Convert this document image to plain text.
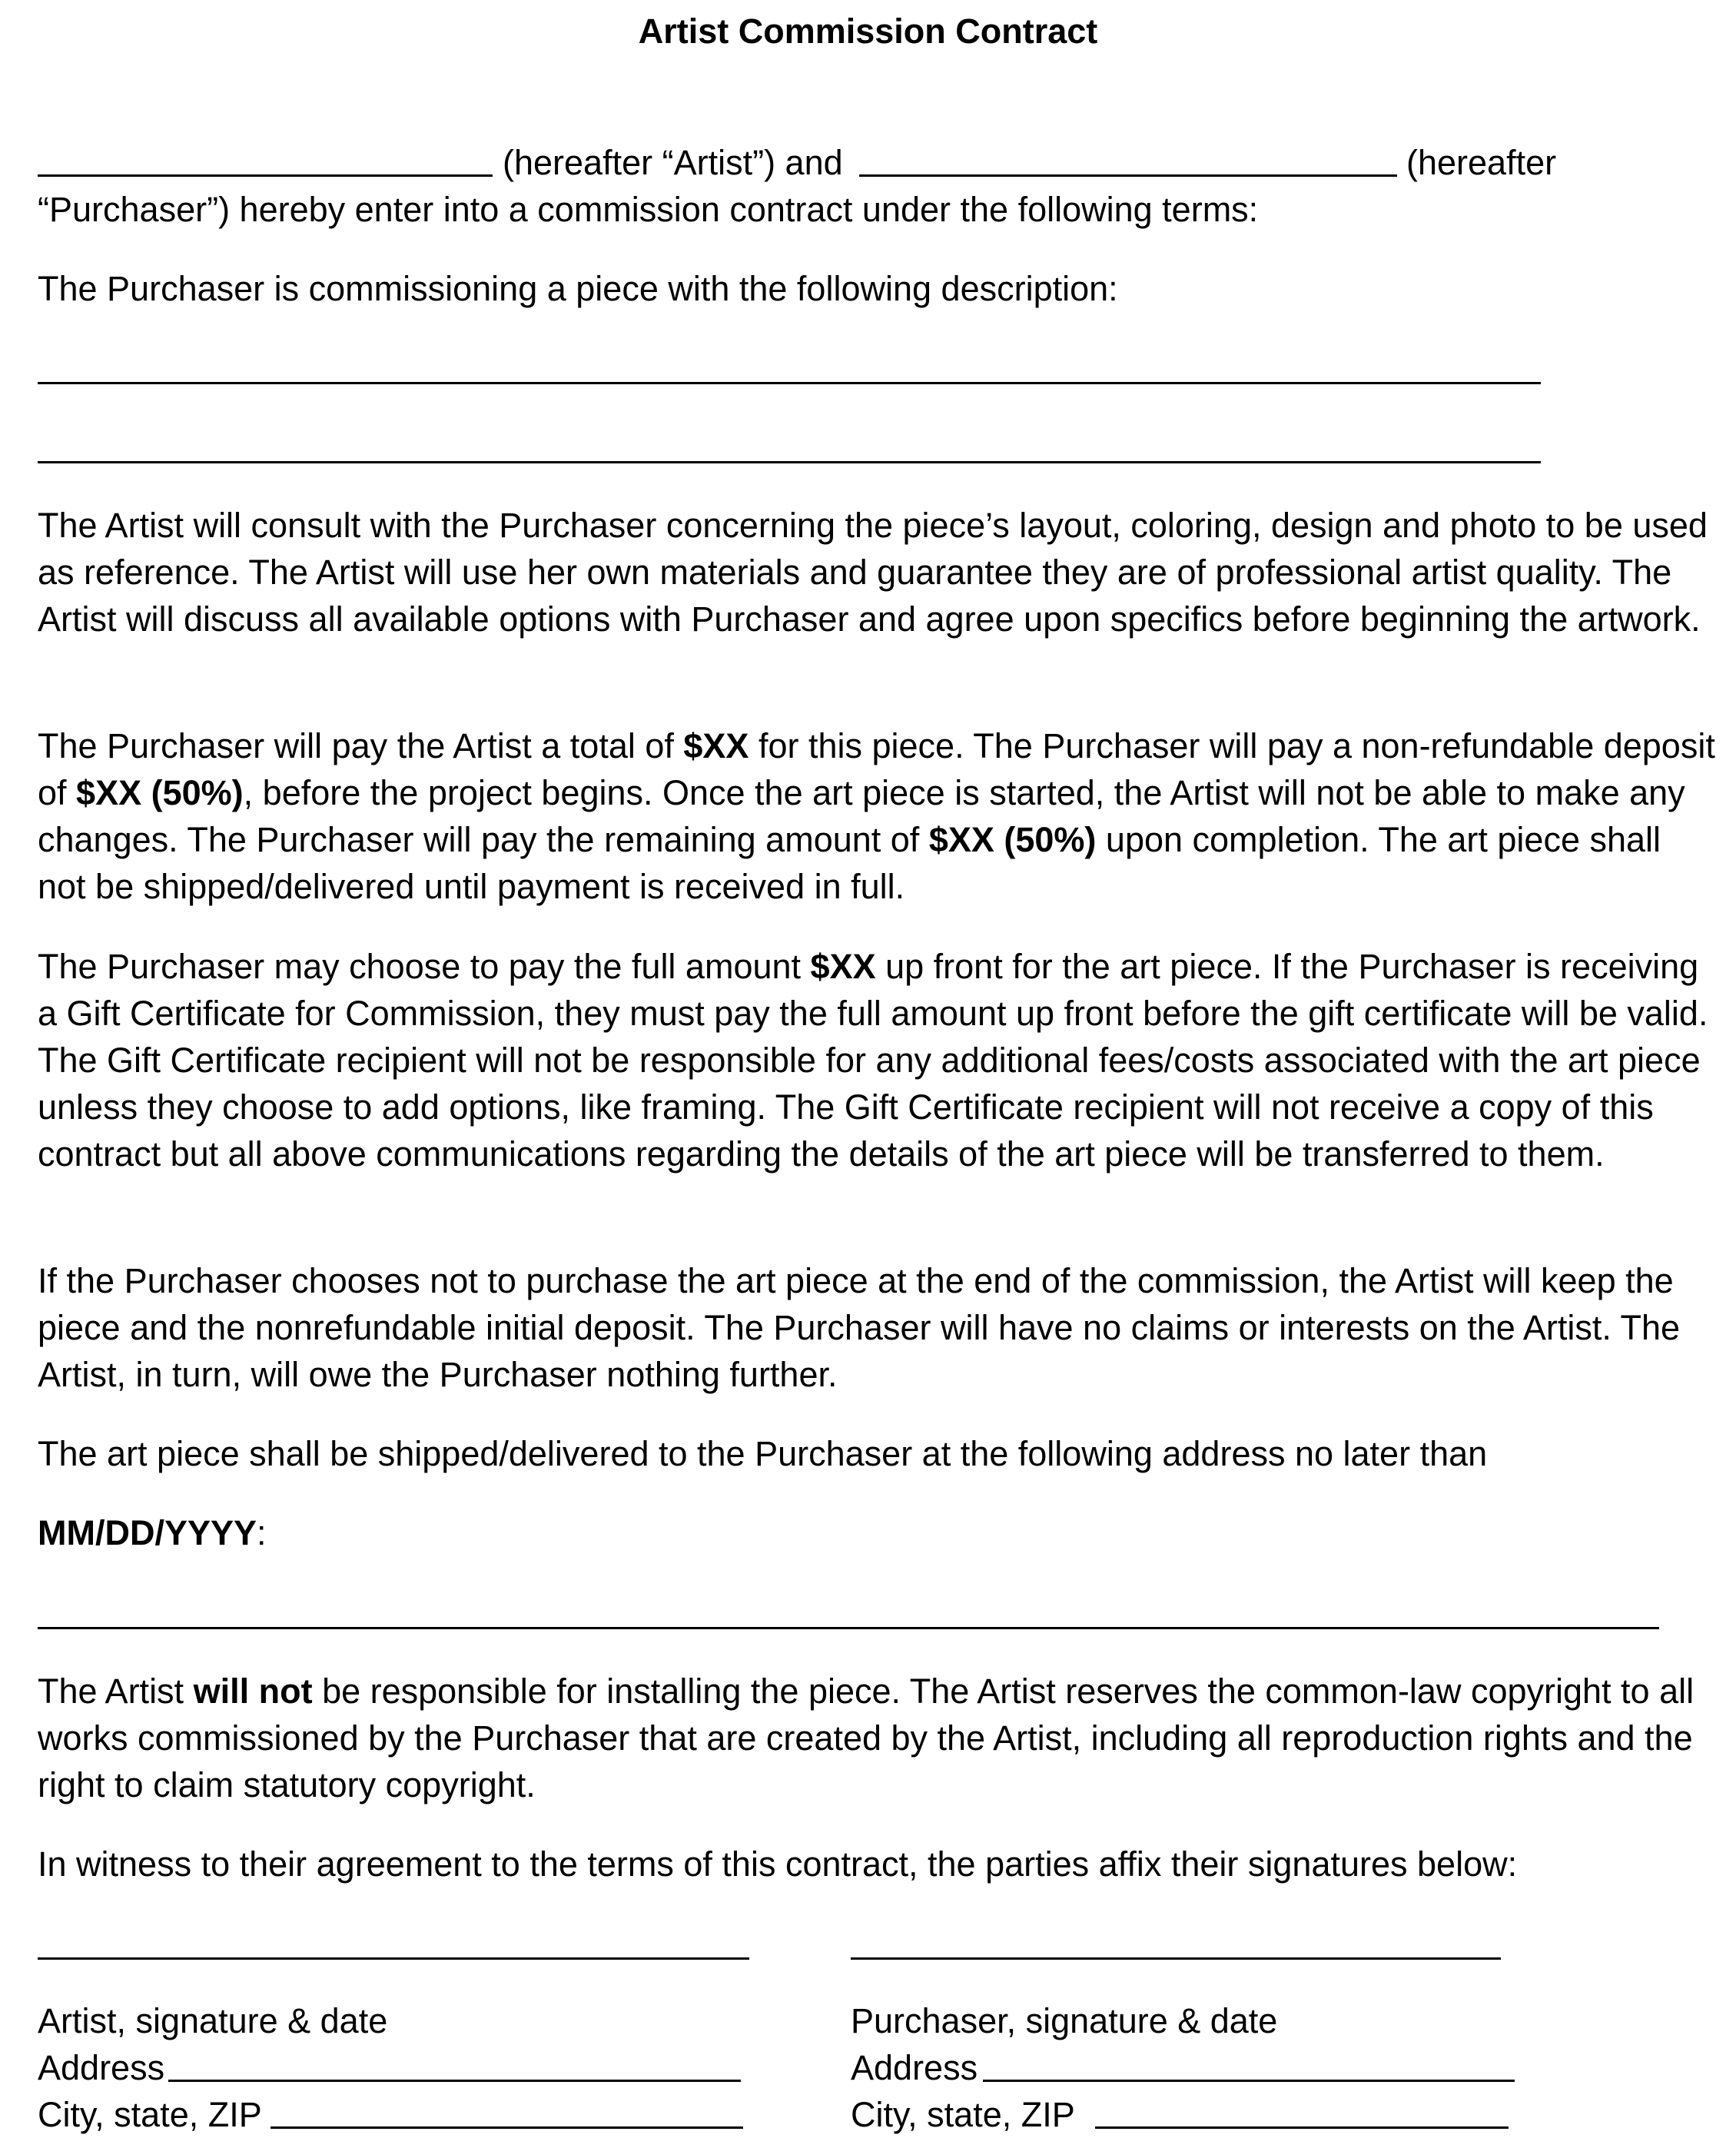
Artist Commission Contract
(hereafter “Artist”) and	(hereafter
“Purchaser”) hereby enter into a commission contract under the following terms:
The Purchaser is commissioning a piece with the following description:

The Artist will consult with the Purchaser concerning the piece’s layout, coloring, design and photo to be used as reference. The Artist will use her own materials and guarantee they are of professional artist quality. The Artist will discuss all available options with Purchaser and agree upon specifics before beginning the artwork.

The Purchaser will pay the Artist a total of $XX for this piece. The Purchaser will pay a non-refundable deposit of $XX (50%), before the project begins. Once the art piece is started, the Artist will not be able to make any changes. The Purchaser will pay the remaining amount of $XX (50%) upon completion. The art piece shall not be shipped/delivered until payment is received in full.

The Purchaser may choose to pay the full amount $XX up front for the art piece. If the Purchaser is receiving a Gift Certificate for Commission, they must pay the full amount up front before the gift certificate will be valid. The Gift Certificate recipient will not be responsible for any additional fees/costs associated with the art piece unless they choose to add options, like framing. The Gift Certificate recipient will not receive a copy of this contract but all above communications regarding the details of the art piece will be transferred to them.

If the Purchaser chooses not to purchase the art piece at the end of the commission, the Artist will keep the piece and the nonrefundable initial deposit. The Purchaser will have no claims or interests on the Artist. The Artist, in turn, will owe the Purchaser nothing further.

The art piece shall be shipped/delivered to the Purchaser at the following address no later than
MM/DD/YYYY:

The Artist will not be responsible for installing the piece. The Artist reserves the common-law copyright to all works commissioned by the Purchaser that are created by the Artist, including all reproduction rights and the right to claim statutory copyright.

In witness to their agreement to the terms of this contract, the parties affix their signatures below:
Artist, signature & date
Address
City, state, ZIP
Purchaser, signature & date
Address
City, state, ZIP
